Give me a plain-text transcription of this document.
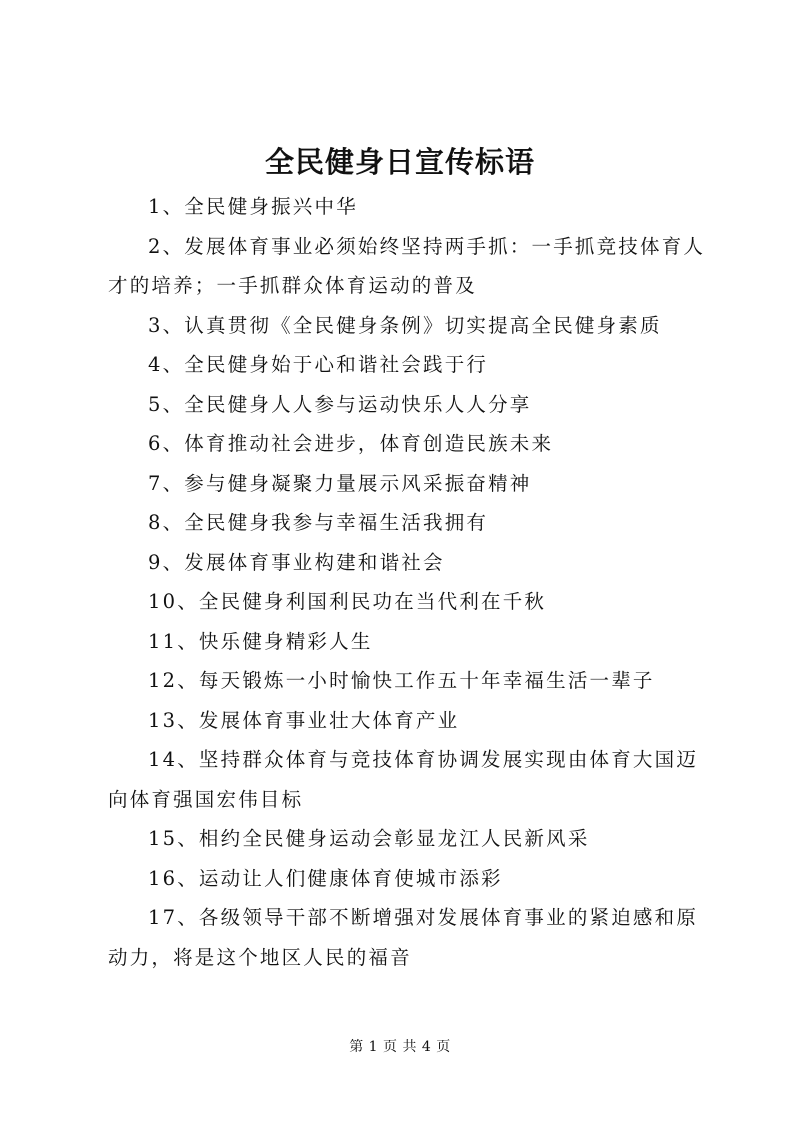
全民健身日宣传标语

1、全民健身振兴中华

2、发展体育事业必须始终坚持两手抓：一手抓竞技体育人才的培养；一手抓群众体育运动的普及

3、认真贯彻《全民健身条例》切实提高全民健身素质

4、全民健身始于心和谐社会践于行

5、全民健身人人参与运动快乐人人分享

6、体育推动社会进步，体育创造民族未来

7、参与健身凝聚力量展示风采振奋精神

8、全民健身我参与幸福生活我拥有

9、发展体育事业构建和谐社会

10、全民健身利国利民功在当代利在千秋

11、快乐健身精彩人生

12、每天锻炼一小时愉快工作五十年幸福生活一辈子

13、发展体育事业壮大体育产业

14、坚持群众体育与竞技体育协调发展实现由体育大国迈向体育强国宏伟目标

15、相约全民健身运动会彰显龙江人民新风采

16、运动让人们健康体育使城市添彩

17、各级领导干部不断增强对发展体育事业的紧迫感和原动力，将是这个地区人民的福音

第 1 页 共 4 页
